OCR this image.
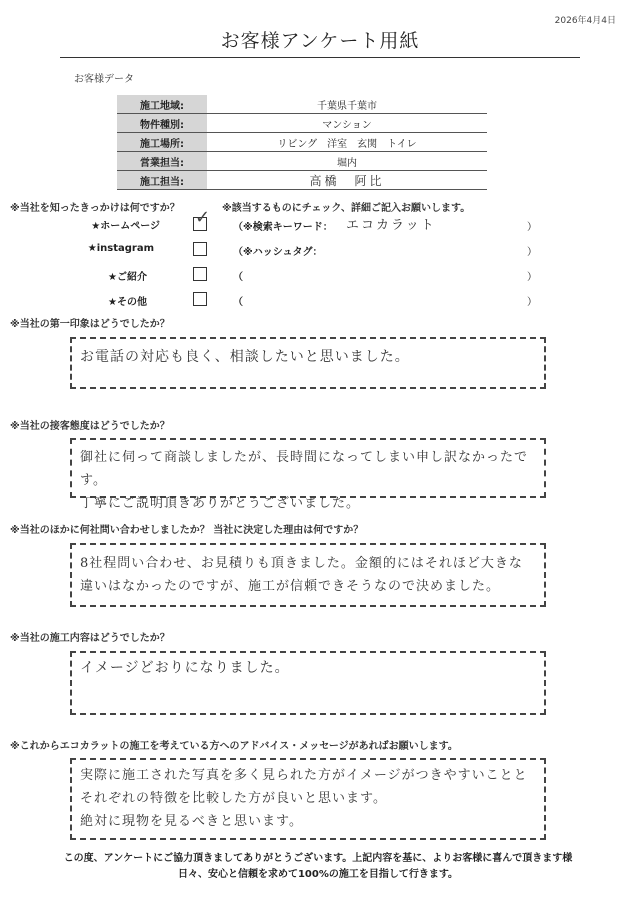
2026年4月4日
お客様アンケート用紙
お客様データ
施工地域:	千葉県千葉市
物件種別:	マンション
施工場所:	リビング　洋室　玄関　トイレ
営業担当:	堀内
施工担当:	高橋　阿比
※当社を知ったきっかけは何ですか？	※該当するものにチェック、詳細ご記入お願いします。
★ホームページ ✓ （※検索キーワード： エコカラット	）
★instagram	（※ハッシュタグ：	）
★ご紹介	（	）
★その他	（	）
※当社の第一印象はどうでしたか？
お電話の対応も良く、相談したいと思いました。
※当社の接客態度はどうでしたか？
御社に伺って商談しましたが、長時間になってしまい申し訳なかったです。
丁寧にご説明頂きありがとうございました。
※当社のほかに何社問い合わせしましたか？ 当社に決定した理由は何ですか？
8社程問い合わせ、お見積りも頂きました。金額的にはそれほど大きな
違いはなかったのですが、施工が信頼できそうなので決めました。
※当社の施工内容はどうでしたか？
イメージどおりになりました。
※これからエコカラットの施工を考えている方へのアドバイス・メッセージがあればお願いします。
実際に施工された写真を多く見られた方がイメージがつきやすいことと
それぞれの特徴を比較した方が良いと思います。
絶対に現物を見るべきと思います。
この度、アンケートにご協力頂きましてありがとうございます。上記内容を基に、よりお客様に喜んで頂きます様
日々、安心と信頼を求めて100%の施工を目指して行きます。
